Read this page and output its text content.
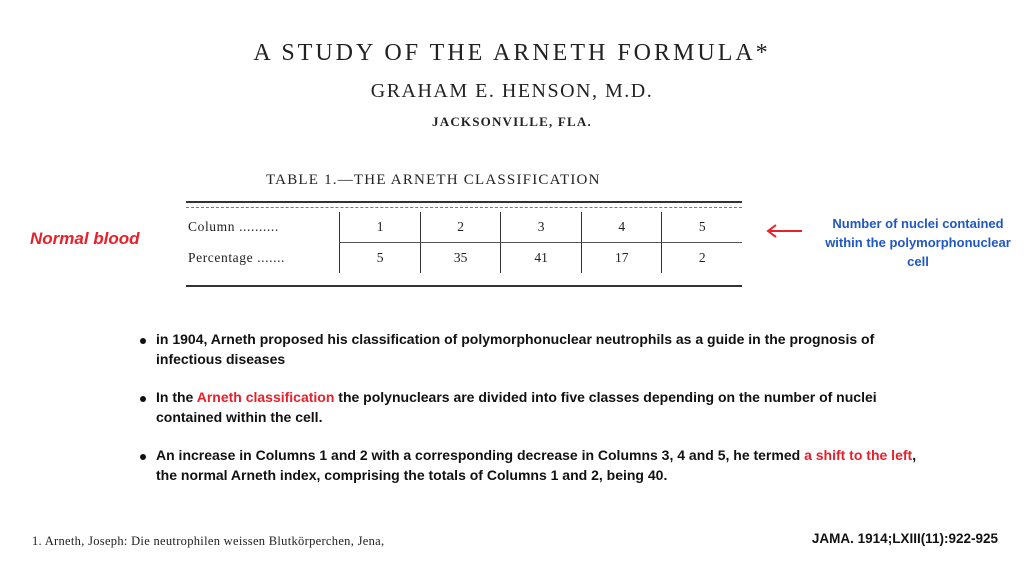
A STUDY OF THE ARNETH FORMULA*
GRAHAM E. HENSON, M.D.
JACKSONVILLE, FLA.
TABLE 1.—THE ARNETH CLASSIFICATION
Column ..........	1	2	3	4	5
Percentage .......	5	35	41	17	2
Normal blood
Number of nuclei contained within the polymorphonuclear cell
in 1904, Arneth proposed his classification of polymorphonuclear neutrophils as a guide in the prognosis of infectious diseases
In the Arneth classification the polynuclears are divided into five classes depending on the number of nuclei contained within the cell.
An increase in Columns 1 and 2 with a corresponding decrease in Columns 3, 4 and 5, he termed a shift to the left, the normal Arneth index, comprising the totals of Columns 1 and 2, being 40.
1. Arneth, Joseph: Die neutrophilen weissen Blutkörperchen, Jena,	JAMA. 1914;LXIII(11):922-925
